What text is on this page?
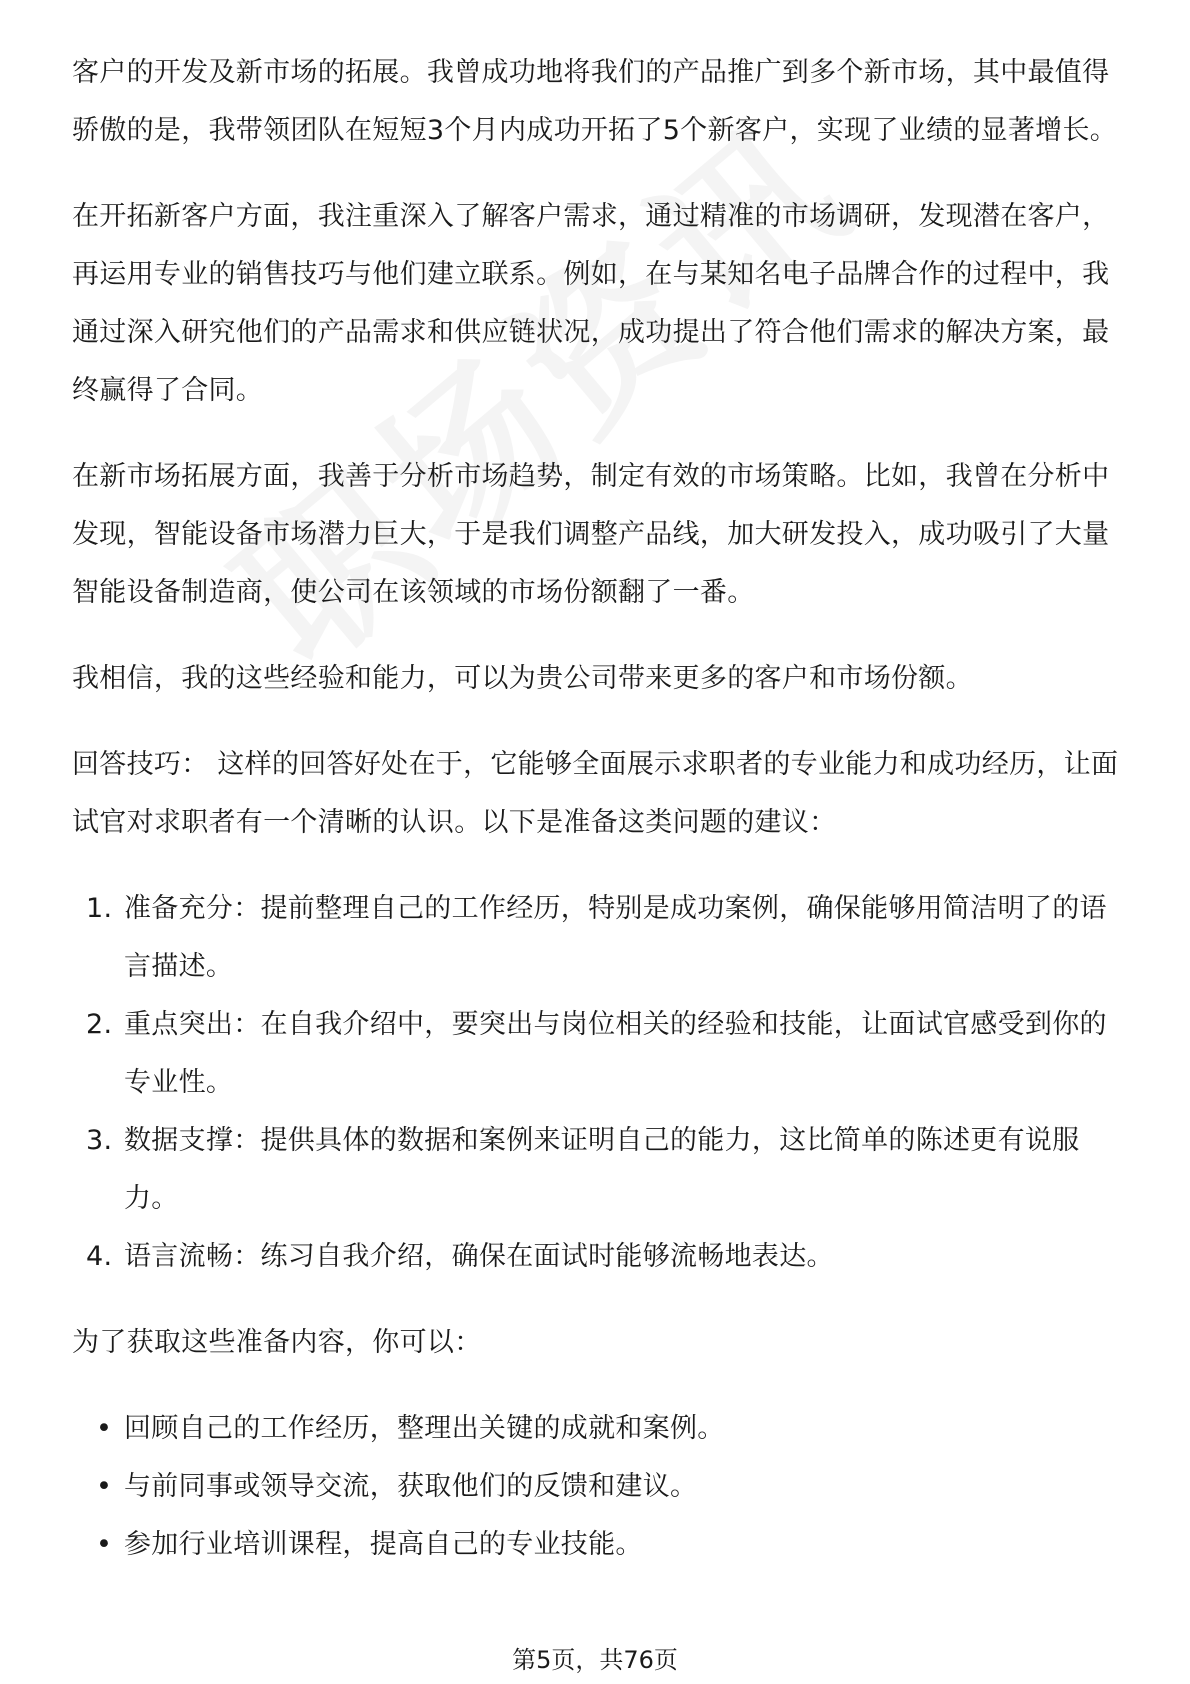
客户的开发及新市场的拓展。我曾成功地将我们的产品推广到多个新市场，其中最值得骄傲的是，我带领团队在短短3个月内成功开拓了5个新客户，实现了业绩的显著增长。

在开拓新客户方面，我注重深入了解客户需求，通过精准的市场调研，发现潜在客户，再运用专业的销售技巧与他们建立联系。例如，在与某知名电子品牌合作的过程中，我通过深入研究他们的产品需求和供应链状况，成功提出了符合他们需求的解决方案，最终赢得了合同。

在新市场拓展方面，我善于分析市场趋势，制定有效的市场策略。比如，我曾在分析中发现，智能设备市场潜力巨大，于是我们调整产品线，加大研发投入，成功吸引了大量智能设备制造商，使公司在该领域的市场份额翻了一番。

我相信，我的这些经验和能力，可以为贵公司带来更多的客户和市场份额。

回答技巧： 这样的回答好处在于，它能够全面展示求职者的专业能力和成功经历，让面试官对求职者有一个清晰的认识。以下是准备这类问题的建议：

1. 准备充分：提前整理自己的工作经历，特别是成功案例，确保能够用简洁明了的语言描述。
2. 重点突出：在自我介绍中，要突出与岗位相关的经验和技能，让面试官感受到你的专业性。
3. 数据支撑：提供具体的数据和案例来证明自己的能力，这比简单的陈述更有说服力。
4. 语言流畅：练习自我介绍，确保在面试时能够流畅地表达。

为了获取这些准备内容，你可以：

• 回顾自己的工作经历，整理出关键的成就和案例。
• 与前同事或领导交流，获取他们的反馈和建议。
• 参加行业培训课程，提高自己的专业技能。
第5页，共76页
